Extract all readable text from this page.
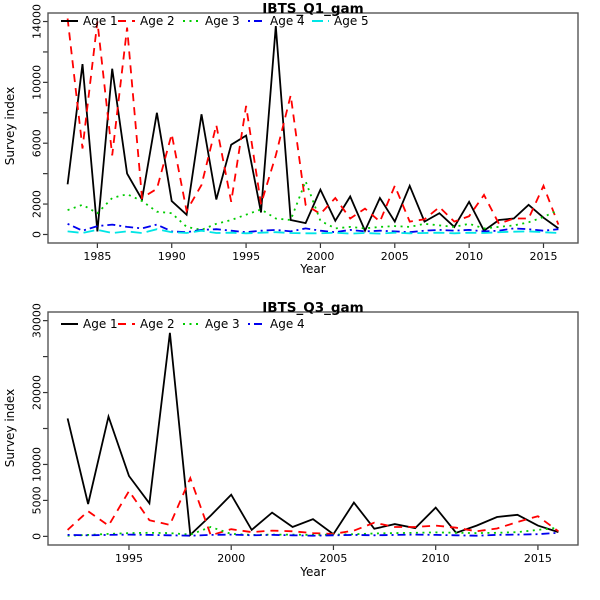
0
2000
6000
10000
14000
1985	1990	1995	2000	2005	2010	2015
Age 1 Age 2	Age 3	Age 4 Age 5
IBTS_Q1_gam
Survey index
Year
0
5000
10000
20000
30000
1995	2000	2005	2010	2015
Age 1 Age 2	Age 3	Age 4
IBTS_Q3_gam
Survey index
Year
